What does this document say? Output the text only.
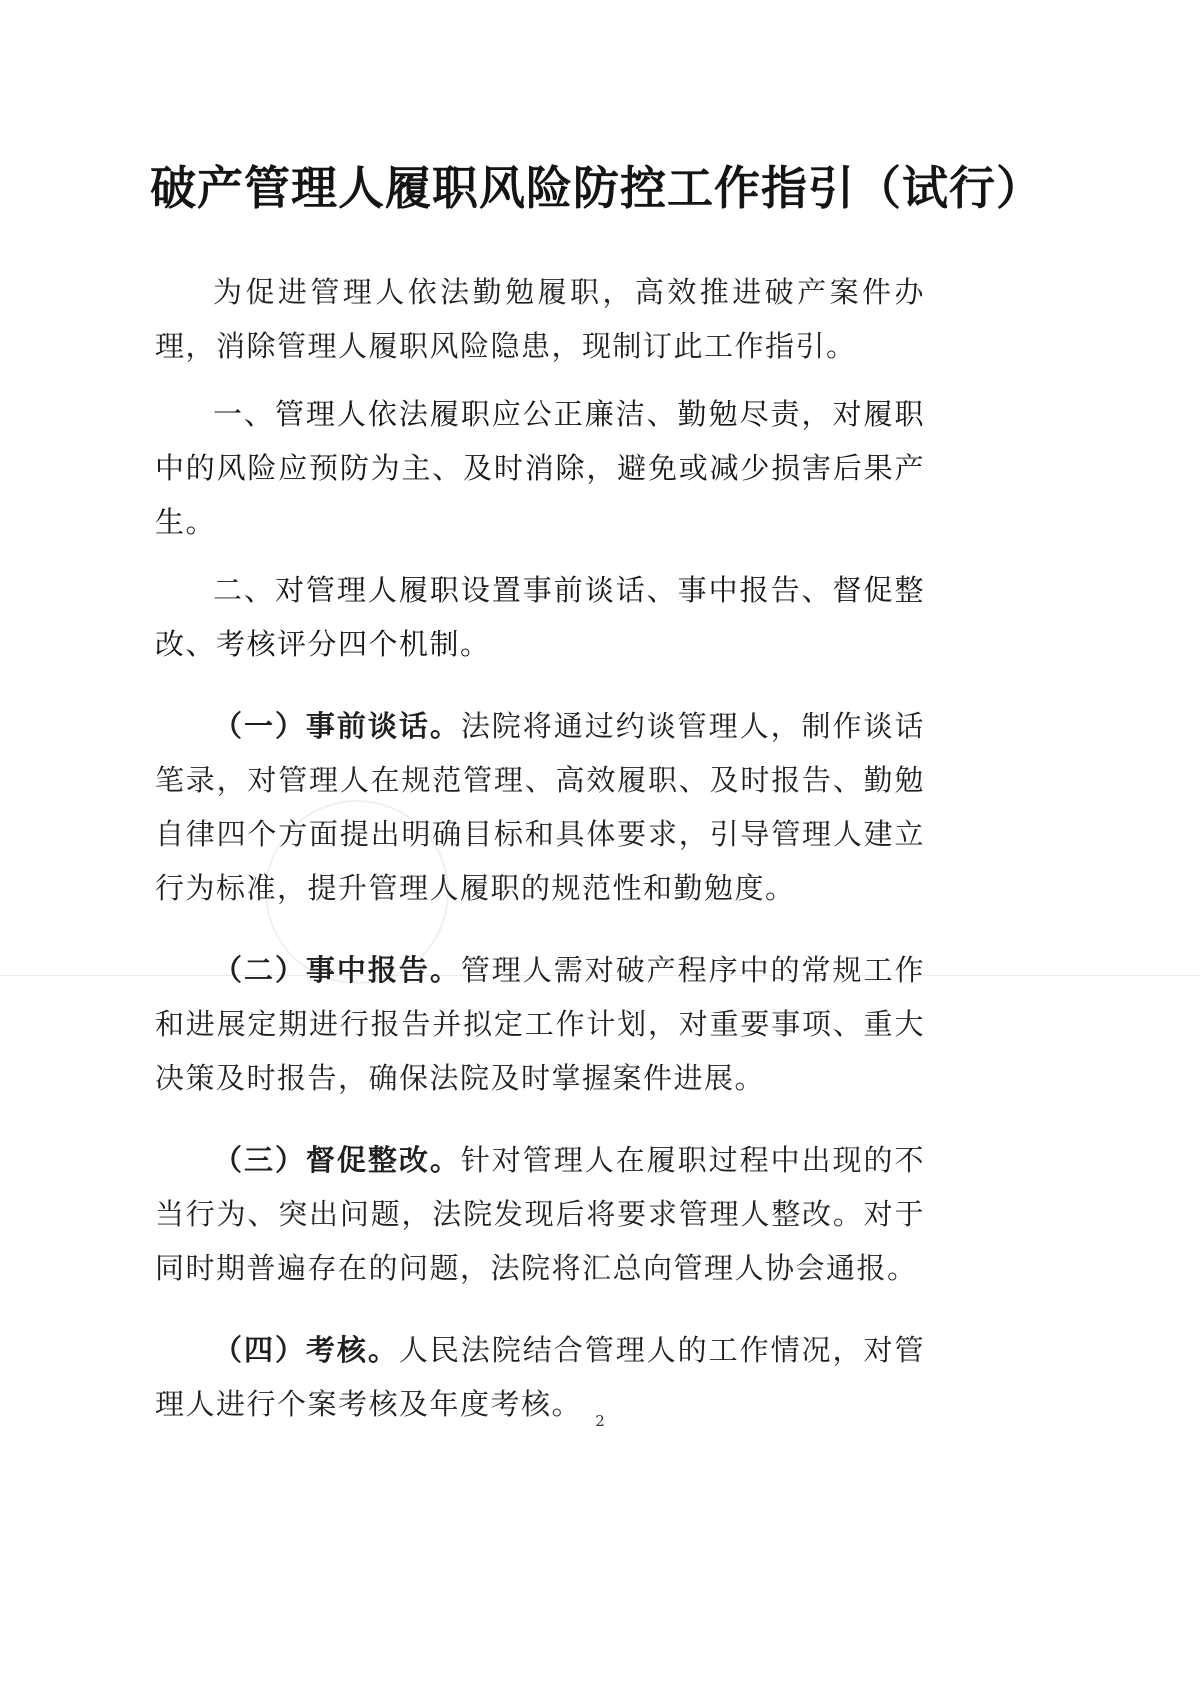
破产管理人履职风险防控工作指引（试行）

为促进管理人依法勤勉履职，高效推进破产案件办理，消除管理人履职风险隐患，现制订此工作指引。

一、管理人依法履职应公正廉洁、勤勉尽责，对履职中的风险应预防为主、及时消除，避免或减少损害后果产生。

二、对管理人履职设置事前谈话、事中报告、督促整改、考核评分四个机制。

（一）事前谈话。法院将通过约谈管理人，制作谈话笔录，对管理人在规范管理、高效履职、及时报告、勤勉自律四个方面提出明确目标和具体要求，引导管理人建立行为标准，提升管理人履职的规范性和勤勉度。

（二）事中报告。管理人需对破产程序中的常规工作和进展定期进行报告并拟定工作计划，对重要事项、重大决策及时报告，确保法院及时掌握案件进展。

（三）督促整改。针对管理人在履职过程中出现的不当行为、突出问题，法院发现后将要求管理人整改。对于同时期普遍存在的问题，法院将汇总向管理人协会通报。

（四）考核。人民法院结合管理人的工作情况，对管理人进行个案考核及年度考核。 2
